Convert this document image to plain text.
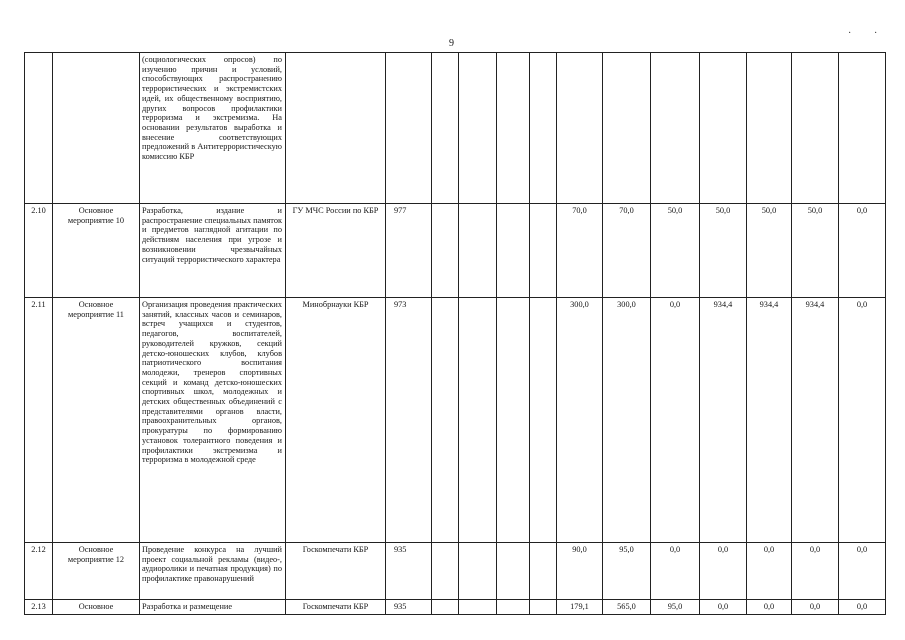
9
· ·
		(социологических опросов) по изучению причин и условий, способствующих распространению террористических и экстремистских идей, их общественному восприятию, других вопросов профилактики терроризма и экстремизма. На основании результатов выработка и внесение соответствующих предложений в Антитеррористическую комиссию КБР													
2.10	Основное мероприятие 10	Разработка, издание и распространение специальных памяток и предметов наглядной агитации по действиям населения при угрозе и возникновении чрезвычайных ситуаций террористического характера	ГУ МЧС России по КБР	977					70,0	70,0	50,0	50,0	50,0	50,0	0,0
2.11	Основное мероприятие 11	Организация проведения практических занятий, классных часов и семинаров, встреч учащихся и студентов, педагогов, воспитателей, руководителей кружков, секций детско-юношеских клубов, клубов патриотического воспитания молодежи, тренеров спортивных секций и команд детско-юношеских спортивных школ, молодежных и детских общественных объединений с представителями органов власти, правоохранительных органов, прокуратуры по формированию установок толерантного поведения и профилактики экстремизма и терроризма в молодежной среде	Минобрнауки КБР	973					300,0	300,0	0,0	934,4	934,4	934,4	0,0
2.12	Основное мероприятие 12	Проведение конкурса на лучший проект социальной рекламы (видео-, аудиоролики и печатная продукция) по профилактике правонарушений	Госкомпечати КБР	935					90,0	95,0	0,0	0,0	0,0	0,0	0,0
2.13	Основное	Разработка и размещение	Госкомпечати КБР	935					179,1	565,0	95,0	0,0	0,0	0,0	0,0
